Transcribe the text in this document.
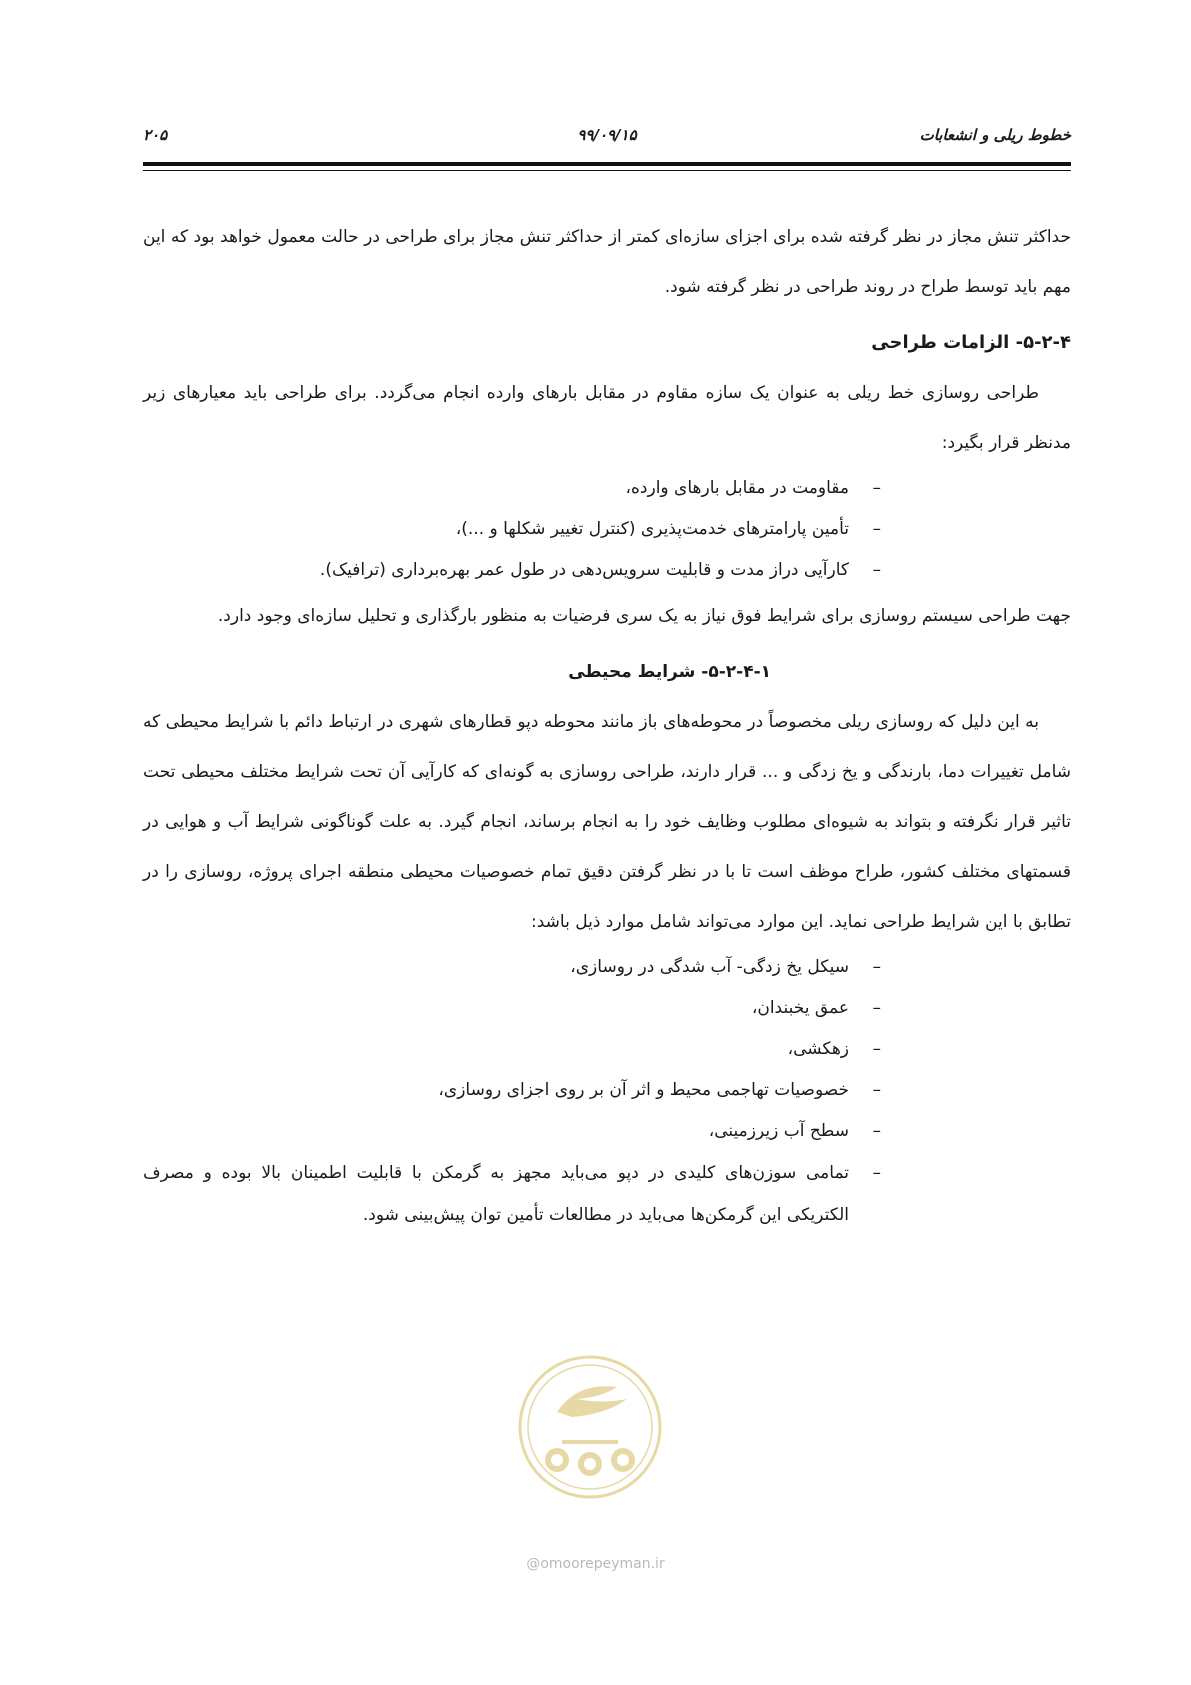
خطوط ریلی و انشعابات
۹۹/۰۹/۱۵
۲۰۵

حداکثر تنش مجاز در نظر گرفته شده برای اجزای سازه‌ای کمتر از حداکثر تنش مجاز برای طراحی در حالت معمول خواهد بود که این مهم باید توسط طراح در روند طراحی در نظر گرفته شود.

۵-۲-۴- الزامات طراحی

طراحی روسازی خط ریلی به عنوان یک سازه مقاوم در مقابل بارهای وارده انجام می‌گردد. برای طراحی باید معیارهای زیر مدنظر قرار بگیرد:

– مقاومت در مقابل بارهای وارده،
– تأمین پارامترهای خدمت‌پذیری (کنترل تغییر شکلها و ...)،
– کارآیی دراز مدت و قابلیت سرویس‌دهی در طول عمر بهره‌برداری (ترافیک).

جهت طراحی سیستم روسازی برای شرایط فوق نیاز به یک سری فرضیات به منظور بارگذاری و تحلیل سازه‌ای وجود دارد.

۵-۲-۴-۱- شرایط محیطی

به این دلیل که روسازی ریلی مخصوصاً در محوطه‌های باز مانند محوطه دپو قطارهای شهری در ارتباط دائم با شرایط محیطی که شامل تغییرات دما، بارندگی و یخ زدگی و ... قرار دارند، طراحی روسازی به گونه‌ای که کارآیی آن تحت شرایط مختلف محیطی تحت تاثیر قرار نگرفته و بتواند به شیوه‌ای مطلوب وظایف خود را به انجام برساند، انجام گیرد. به علت گوناگونی شرایط آب و هوایی در قسمتهای مختلف کشور، طراح موظف است تا با در نظر گرفتن دقیق تمام خصوصیات محیطی منطقه اجرای پروژه، روسازی را در تطابق با این شرایط طراحی نماید. این موارد می‌تواند شامل موارد ذیل باشد:

– سیکل یخ زدگی- آب شدگی در روسازی،
– عمق یخبندان،
– زهکشی،
– خصوصیات تهاجمی محیط و اثر آن بر روی اجزای روسازی،
– سطح آب زیرزمینی،
– تمامی سوزن‌های کلیدی در دپو می‌باید مجهز به گرمکن با قابلیت اطمینان بالا بوده و مصرف الکتریکی این گرمکن‌ها می‌باید در مطالعات تأمین توان پیش‌بینی شود.
@omoorepeyman.ir
